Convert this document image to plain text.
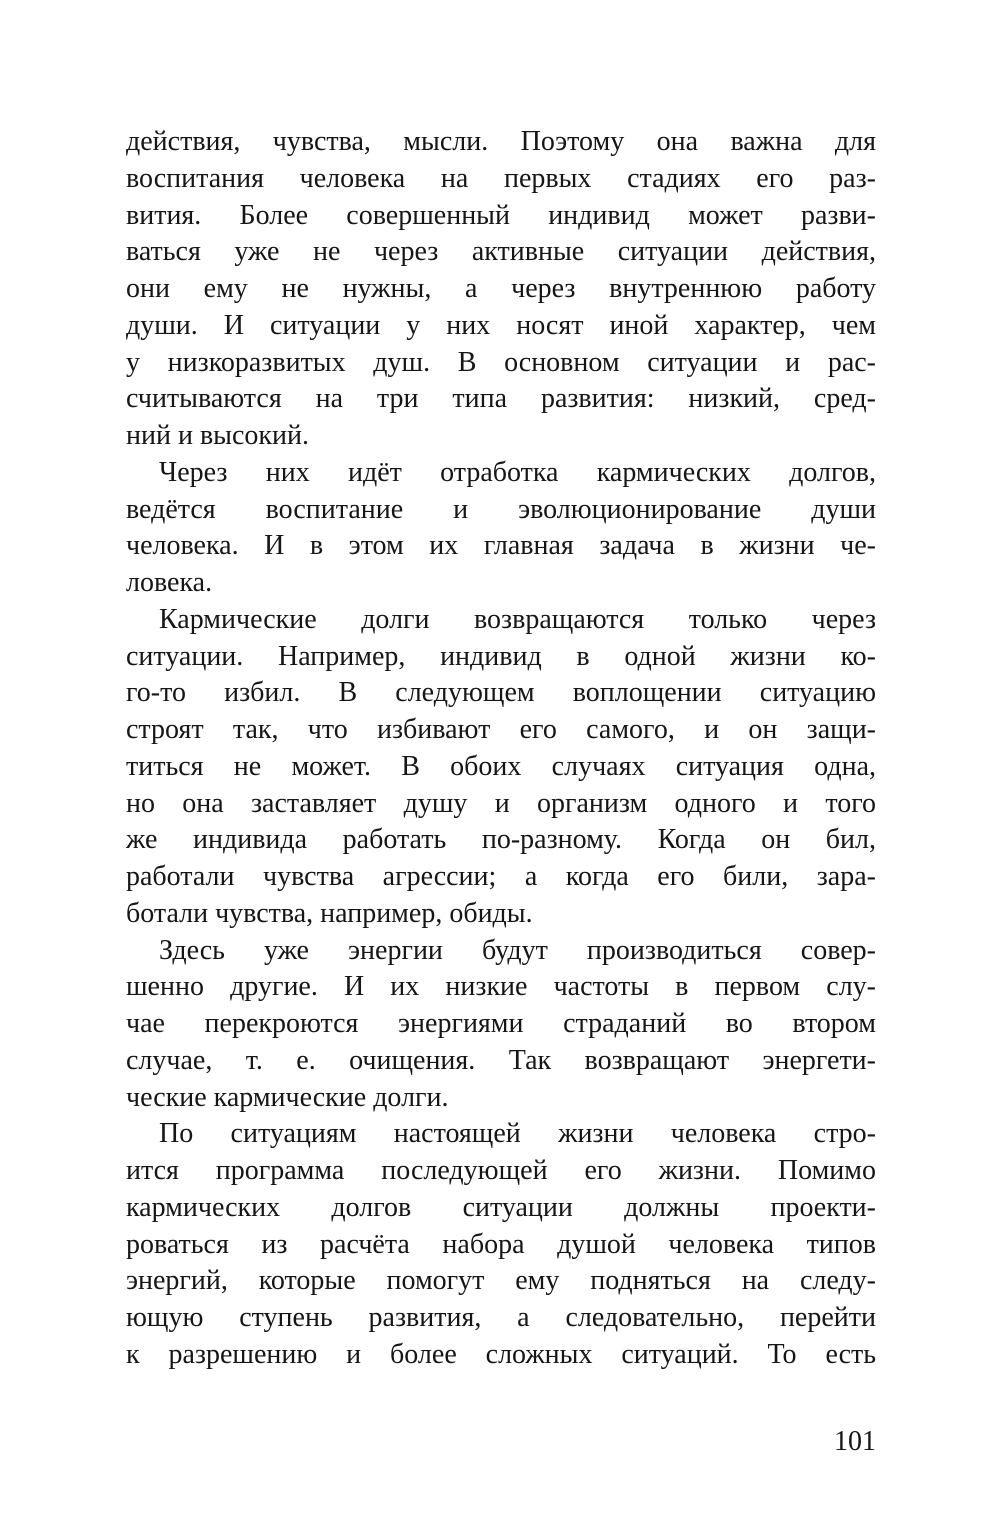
действия, чувства, мысли. Поэтому она важна для
воспитания человека на первых стадиях его раз-
вития. Более совершенный индивид может разви-
ваться уже не через активные ситуации действия,
они ему не нужны, а через внутреннюю работу
души. И ситуации у них носят иной характер, чем
у низкоразвитых душ. В основном ситуации и рас-
считываются на три типа развития: низкий, сред-
ний и высокий.
Через них идёт отработка кармических долгов,
ведётся воспитание и эволюционирование души
человека. И в этом их главная задача в жизни че-
ловека.
Кармические долги возвращаются только через
ситуации. Например, индивид в одной жизни ко-
го-то избил. В следующем воплощении ситуацию
строят так, что избивают его самого, и он защи-
титься не может. В обоих случаях ситуация одна,
но она заставляет душу и организм одного и того
же индивида работать по-разному. Когда он бил,
работали чувства агрессии; а когда его били, зара-
ботали чувства, например, обиды.
Здесь уже энергии будут производиться совер-
шенно другие. И их низкие частоты в первом слу-
чае перекроются энергиями страданий во втором
случае, т. е. очищения. Так возвращают энергети-
ческие кармические долги.
По ситуациям настоящей жизни человека стро-
ится программа последующей его жизни. Помимо
кармических долгов ситуации должны проекти-
роваться из расчёта набора душой человека типов
энергий, которые помогут ему подняться на следу-
ющую ступень развития, а следовательно, перейти
к разрешению и более сложных ситуаций. То есть
101
